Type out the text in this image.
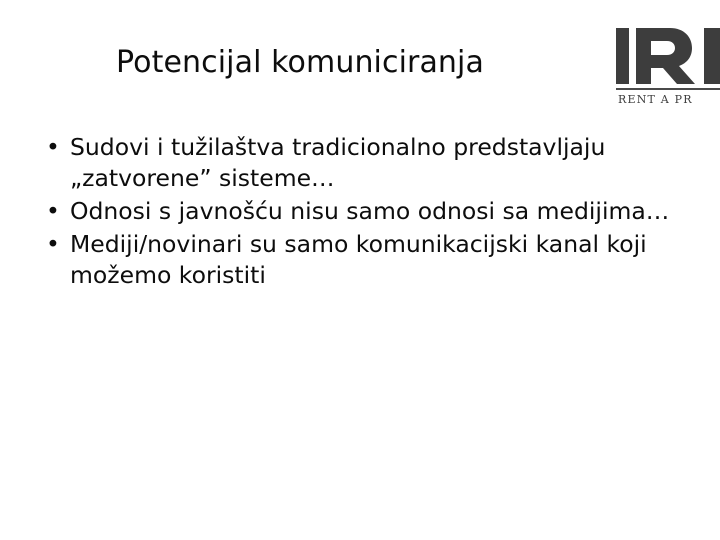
Potencijal komuniciranja
RENT A PR
• Sudovi i tužilaštva tradicionalno predstavljaju „zatvorene” sisteme…
• Odnosi s javnošću nisu samo odnosi sa medijima…
• Mediji/novinari su samo komunikacijski kanal koji možemo koristiti
